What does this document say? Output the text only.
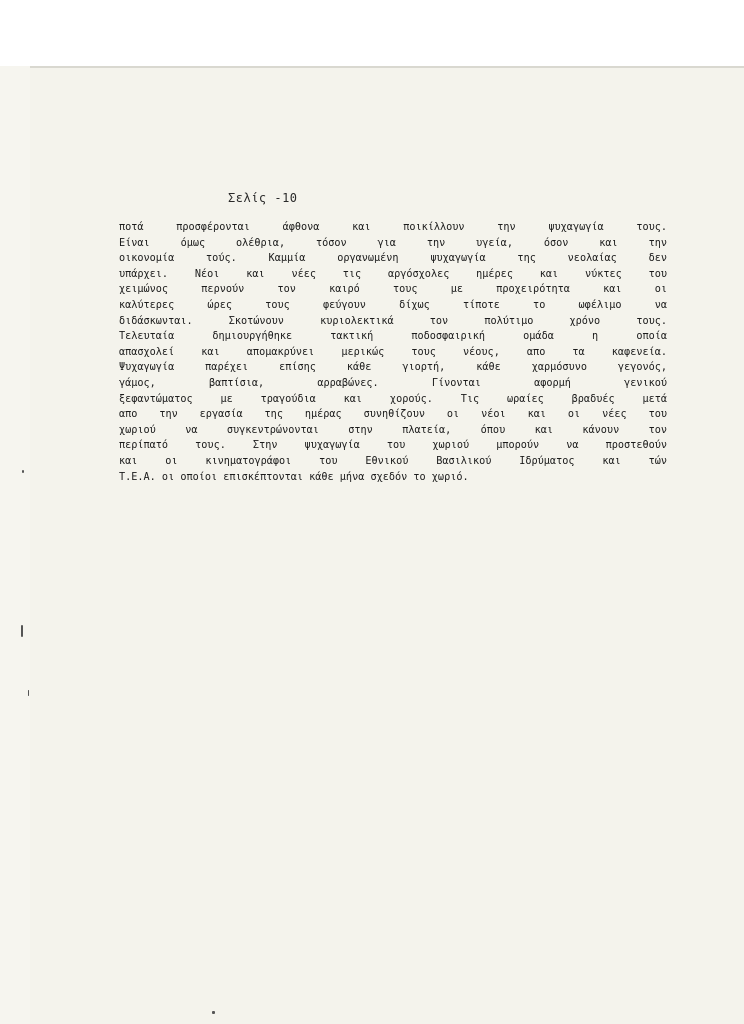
Σελίς -10
ποτά προσφέρονται άφθονα και ποικίλλουν την ψυχαγωγία τους.
Είναι όμως ολέθρια, τόσον για την υγεία, όσον και την
οικονομία τούς. Καμμία οργανωμένη ψυχαγωγία της νεολαίας δεν
υπάρχει. Νέοι και νέες τις αργόσχολες ημέρες και νύκτες του
χειμώνος περνούν τον καιρό τους με προχειρότητα και οι
καλύτερες ώρες τους φεύγουν δίχως τίποτε το ωφέλιμο να
διδάσκωνται. Σκοτώνουν κυριολεκτικά τον πολύτιμο χρόνο τους.
Τελευταία δημιουργήθηκε τακτική ποδοσφαιρική ομάδα η οποία
απασχολεί και απομακρύνει μερικώς τους νέους, απο τα καφενεία.
Ψυχαγωγία παρέχει επίσης κάθε γιορτή, κάθε χαρμόσυνο γεγονός,
γάμος, βαπτίσια, αρραβώνες. Γίνονται αφορμή γενικού
ξεφαντώματος με τραγούδια και χορούς. Τις ωραίες βραδυές μετά
απο την εργασία της ημέρας συνηθίζουν οι νέοι και οι νέες του
χωριού να συγκεντρώνονται στην πλατεία, όπου και κάνουν τον
περίπατό τους. Στην ψυχαγωγία του χωριού μπορούν να προστεθούν
και οι κινηματογράφοι του Εθνικού Βασιλικού Ιδρύματος και τών
Τ.Ε.Α. οι οποίοι επισκέπτονται κάθε μήνα σχεδόν το χωριό.
